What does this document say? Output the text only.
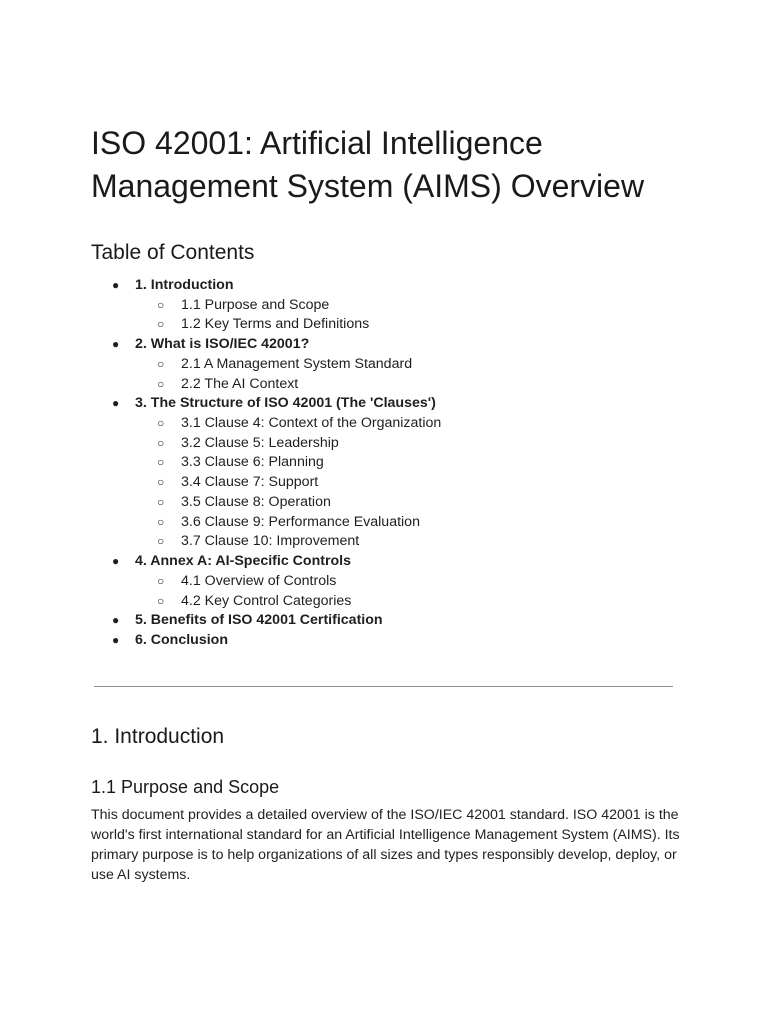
ISO 42001: Artificial Intelligence Management System (AIMS) Overview
Table of Contents
● 1. Introduction
○ 1.1 Purpose and Scope
○ 1.2 Key Terms and Definitions
● 2. What is ISO/IEC 42001?
○ 2.1 A Management System Standard
○ 2.2 The AI Context
● 3. The Structure of ISO 42001 (The 'Clauses')
○ 3.1 Clause 4: Context of the Organization
○ 3.2 Clause 5: Leadership
○ 3.3 Clause 6: Planning
○ 3.4 Clause 7: Support
○ 3.5 Clause 8: Operation
○ 3.6 Clause 9: Performance Evaluation
○ 3.7 Clause 10: Improvement
● 4. Annex A: AI-Specific Controls
○ 4.1 Overview of Controls
○ 4.2 Key Control Categories
● 5. Benefits of ISO 42001 Certification
● 6. Conclusion
1. Introduction
1.1 Purpose and Scope

This document provides a detailed overview of the ISO/IEC 42001 standard. ISO 42001 is the world's first international standard for an Artificial Intelligence Management System (AIMS). Its primary purpose is to help organizations of all sizes and types responsibly develop, deploy, or use AI systems.
